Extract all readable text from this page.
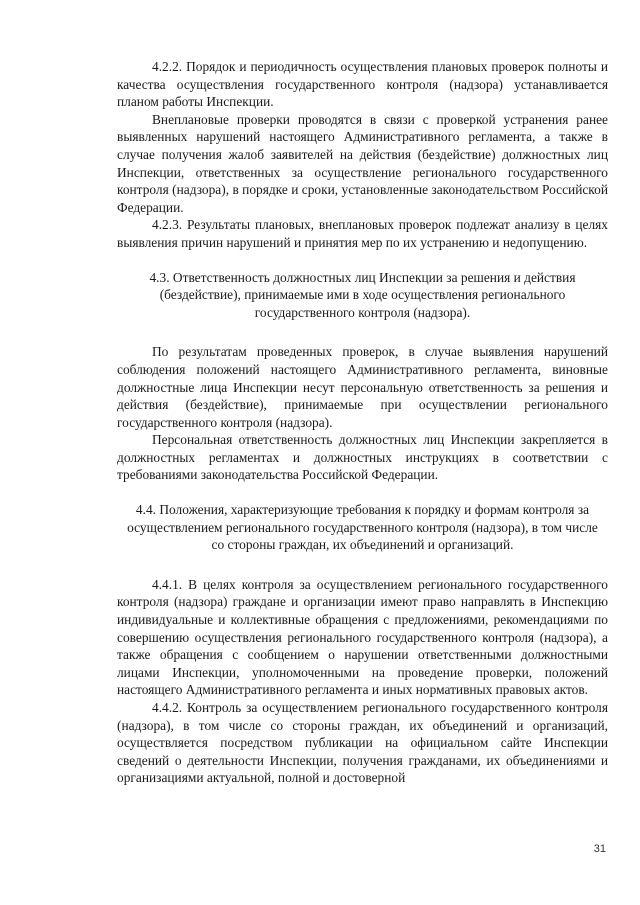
4.2.2. Порядок и периодичность осуществления плановых проверок полноты и качества осуществления государственного контроля (надзора) устанавливается планом работы Инспекции.

Внеплановые проверки проводятся в связи с проверкой устранения ранее выявленных нарушений настоящего Административного регламента, а также в случае получения жалоб заявителей на действия (бездействие) должностных лиц Инспекции, ответственных за осуществление регионального государственного контроля (надзора), в порядке и сроки, установленные законодательством Российской Федерации.

4.2.3. Результаты плановых, внеплановых проверок подлежат анализу в целях выявления причин нарушений и принятия мер по их устранению и недопущению.

4.3. Ответственность должностных лиц Инспекции за решения и действия (бездействие), принимаемые ими в ходе осуществления регионального государственного контроля (надзора).

По результатам проведенных проверок, в случае выявления нарушений соблюдения положений настоящего Административного регламента, виновные должностные лица Инспекции несут персональную ответственность за решения и действия (бездействие), принимаемые при осуществлении регионального государственного контроля (надзора).

Персональная ответственность должностных лиц Инспекции закрепляется в должностных регламентах и должностных инструкциях в соответствии с требованиями законодательства Российской Федерации.

4.4. Положения, характеризующие требования к порядку и формам контроля за осуществлением регионального государственного контроля (надзора), в том числе со стороны граждан, их объединений и организаций.

4.4.1. В целях контроля за осуществлением регионального государственного контроля (надзора) граждане и организации имеют право направлять в Инспекцию индивидуальные и коллективные обращения с предложениями, рекомендациями по совершению осуществления регионального государственного контроля (надзора), а также обращения с сообщением о нарушении ответственными должностными лицами Инспекции, уполномоченными на проведение проверки, положений настоящего Административного регламента и иных нормативных правовых актов.

4.4.2. Контроль за осуществлением регионального государственного контроля (надзора), в том числе со стороны граждан, их объединений и организаций, осуществляется посредством публикации на официальном сайте Инспекции сведений о деятельности Инспекции, получения гражданами, их объединениями и организациями актуальной, полной и достоверной

31
